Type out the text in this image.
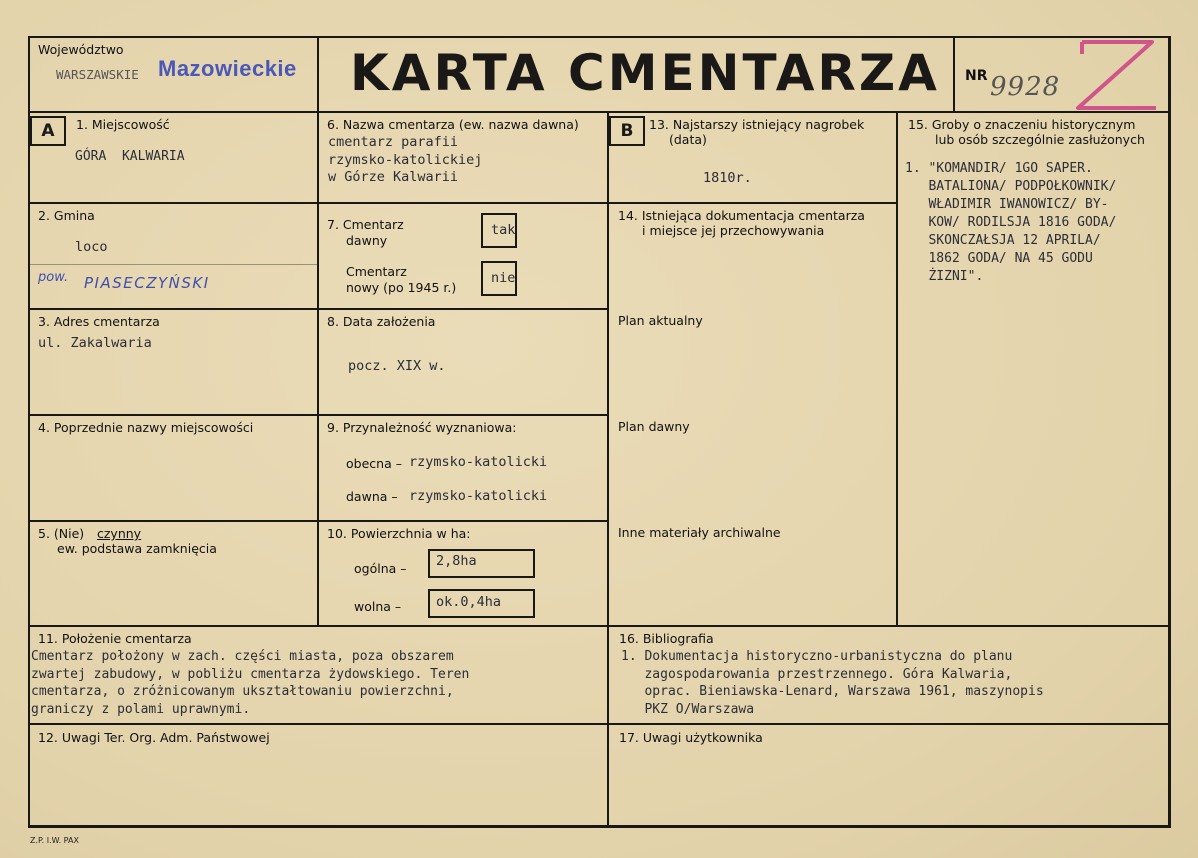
Województwo
WARSZAWSKIE Mazowieckie KARTA CMENTARZA NR 9928
A	B
1. Miejscowość
GÓRA  KALWARIA
2. Gmina
loco
pow. PIASECZYŃSKI
3. Adres cmentarza
ul. Zakalwaria
4. Poprzednie nazwy miejscowości
5. (Nie) czynny
ew. podstawa zamknięcia
6. Nazwa cmentarza (ew. nazwa dawna)
cmentarz parafii
rzymsko-katolickiej
w Górze Kalwarii
7. Cmentarz
dawny
tak
Cmentarz
nowy (po 1945 r.)
nie
8. Data założenia
pocz. XIX w.
9. Przynależność wyznaniowa:
obecna – rzymsko-katolicki
dawna – rzymsko-katolicki
10. Powierzchnia w ha:
ogólna – 2,8ha
wolna –	ok.0,4ha
11. Położenie cmentarza
Cmentarz położony w zach. części miasta, poza obszarem
zwartej zabudowy, w pobliżu cmentarza żydowskiego. Teren
cmentarza, o zróżnicowanym ukształtowaniu powierzchni,
graniczy z polami uprawnymi.
12. Uwagi Ter. Org. Adm. Państwowej
13. Najstarszy istniejący nagrobek
(data)
1810r.
14. Istniejąca dokumentacja cmentarza
i miejsce jej przechowywania
Plan aktualny
Plan dawny
Inne materiały archiwalne
15. Groby o znaczeniu historycznym
lub osób szczególnie zasłużonych
1. "KOMANDIR/ 1GO SAPER.
BATALIONA/ PODPOŁKOWNIK/
WŁADIMIR IWANOWICZ/ BY-
KOW/ RODILSJA 1816 GODA/
SKONCZAŁSJA 12 APRILA/
1862 GODA/ NA 45 GODU
ŻIZNI".
16. Bibliografia
1. Dokumentacja historyczno-urbanistyczna do planu
zagospodarowania przestrzennego. Góra Kalwaria,
oprac. Bieniawska-Lenard, Warszawa 1961, maszynopis
PKZ O/Warszawa
17. Uwagi użytkownika
Z.P. I.W. PAX
